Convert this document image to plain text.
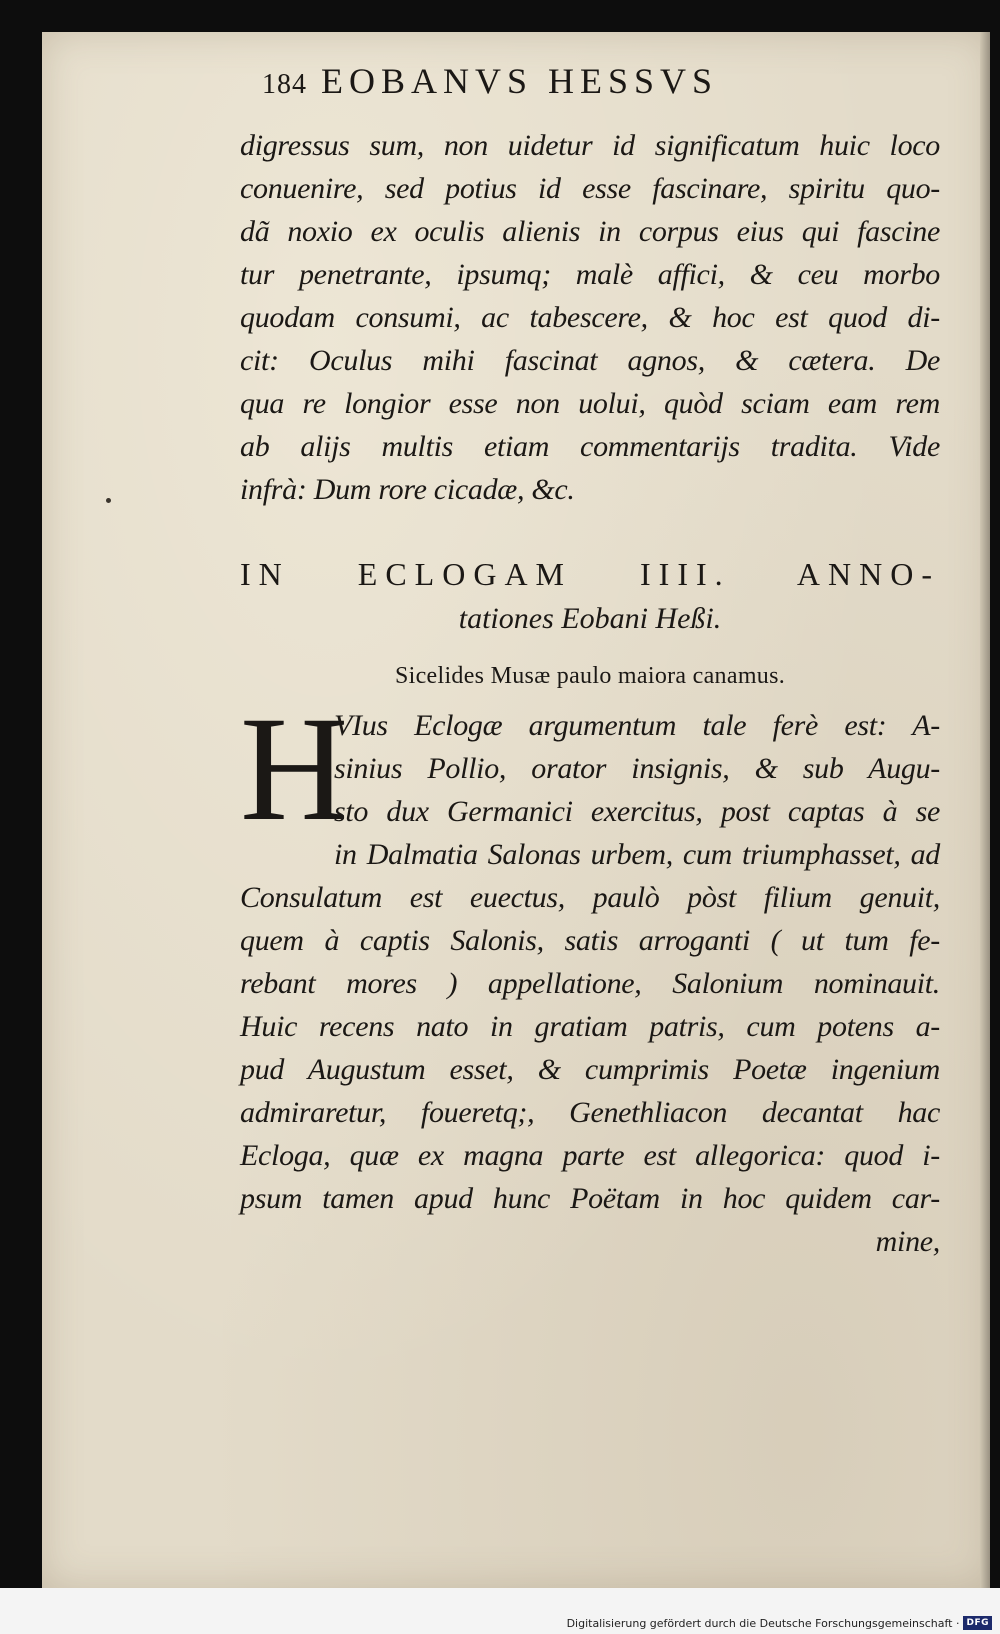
184 EOBANVS HESSVS

digressus sum, non uidetur id significatum huic loco
conuenire, sed potius id esse fascinare, spiritu quo-
dã noxio ex oculis alienis in corpus eius qui fascine
tur penetrante, ipsumq; malè affici, & ceu morbo
quodam consumi, ac tabescere, & hoc est quod di-
cit: Oculus mihi fascinat agnos, & cætera. De
qua re longior esse non uolui, quòd sciam eam rem
ab alijs multis etiam commentarijs tradita. Vide
infrà: Dum rore cicadæ, &c.

IN ECLOGAM IIII. ANNO-
tationes Eobani Heßi.
Sicelides Musæ paulo maiora canamus.
H

VIus Eclogæ argumentum tale ferè est: A-
sinius Pollio, orator insignis, & sub Augu-
sto dux Germanici exercitus, post captas à se
in Dalmatia Salonas urbem, cum triumphasset, ad
Consulatum est euectus, paulò pòst filium genuit,
quem à captis Salonis, satis arroganti ( ut tum fe-
rebant mores ) appellatione, Salonium nominauit.
Huic recens nato in gratiam patris, cum potens a-
pud Augustum esset, & cumprimis Poetæ ingenium
admiraretur, foueretq;, Genethliacon decantat hac
Ecloga, quæ ex magna parte est allegorica: quod i-
psum tamen apud hunc Poëtam in hoc quidem car-
mine,

Digitalisierung gefördert durch die Deutsche Forschungsgemeinschaft · DFG
